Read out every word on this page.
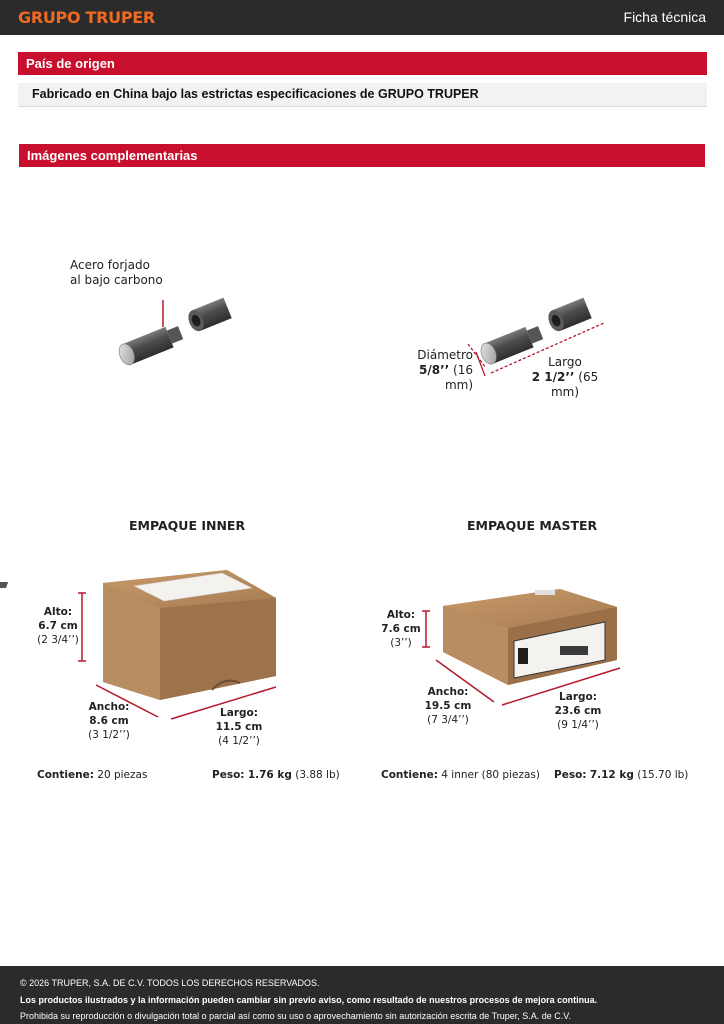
GRUPO TRUPER	Ficha técnica
País de origen
Fabricado en China bajo las estrictas especificaciones de GRUPO TRUPER
Imágenes complementarias
Acero forjado
al bajo carbono
Diámetro
5/8’’ (16 mm)
Largo
2 1/2’’ (65 mm)
EMPAQUE INNER
Alto:
6.7 cm
(2 3/4’’)
Ancho:
8.6 cm
(3 1/2’’)
Largo:
11.5 cm
(4 1/2’’)
Contiene: 20 piezas	Peso: 1.76 kg (3.88 lb)
EMPAQUE MASTER
Alto:
7.6 cm
(3’’)
Ancho:
19.5 cm
(7 3/4’’)
Largo:
23.6 cm
(9 1/4’’)
Contiene: 4 inner (80 piezas) Peso: 7.12 kg (15.70 lb)
© 2026 TRUPER, S.A. DE C.V. TODOS LOS DERECHOS RESERVADOS.
Los productos ilustrados y la información pueden cambiar sin previo aviso, como resultado de nuestros procesos de mejora continua.
Prohibida su reproducción o divulgación total o parcial así como su uso o aprovechamiento sin autorización escrita de Truper, S.A. de C.V.
